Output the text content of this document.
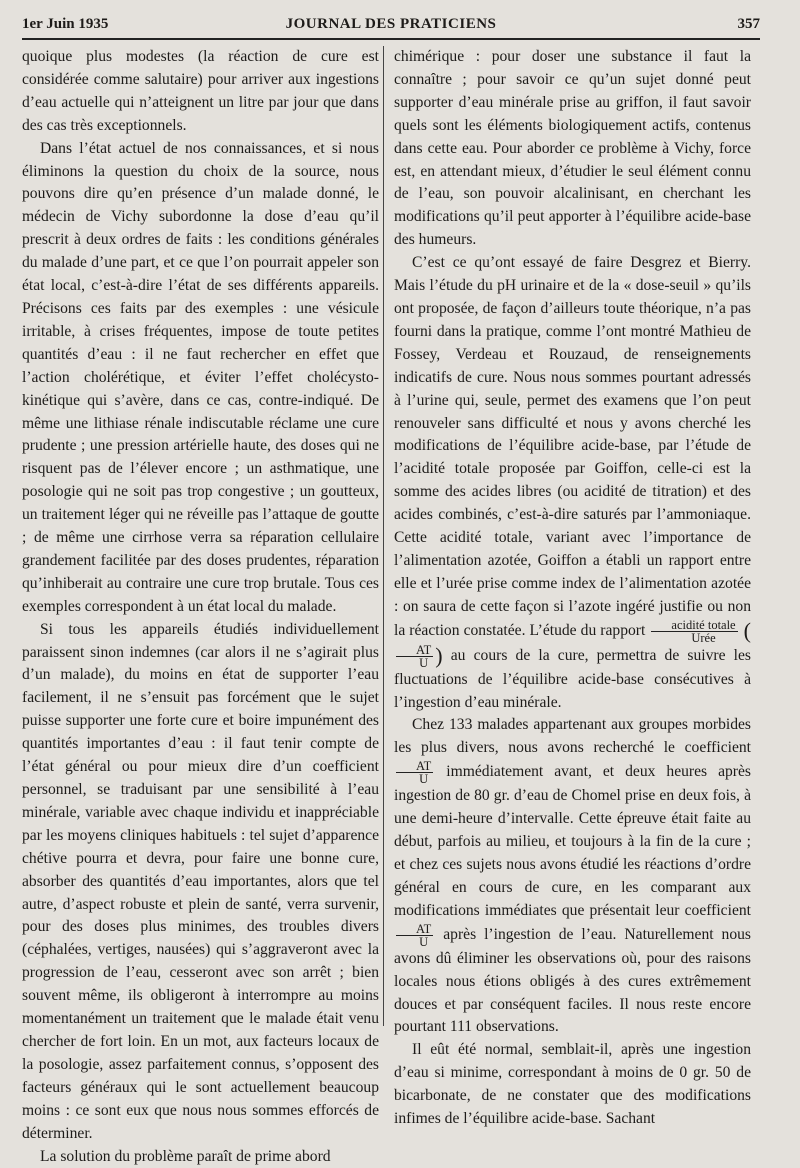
1er Juin 1935	JOURNAL DES PRATICIENS	357

quoique plus modestes (la réaction de cure est considérée comme salutaire) pour arriver aux ingestions d’eau actuelle qui n’atteignent un litre par jour que dans des cas très exceptionnels.

Dans l’état actuel de nos connaissances, et si nous éliminons la question du choix de la source, nous pouvons dire qu’en présence d’un malade donné, le médecin de Vichy subordonne la dose d’eau qu’il prescrit à deux ordres de faits : les conditions générales du malade d’une part, et ce que l’on pourrait appeler son état local, c’est-à-dire l’état de ses différents appareils. Précisons ces faits par des exemples : une vésicule irritable, à crises fréquentes, impose de toute petites quantités d’eau : il ne faut rechercher en effet que l’action cholérétique, et éviter l’effet cholécysto-kinétique qui s’avère, dans ce cas, contre-indiqué. De même une lithiase rénale indiscutable réclame une cure prudente ; une pression artérielle haute, des doses qui ne risquent pas de l’élever encore ; un asthmatique, une posologie qui ne soit pas trop congestive ; un goutteux, un traitement léger qui ne réveille pas l’attaque de goutte ; de même une cirrhose verra sa réparation cellulaire grandement facilitée par des doses prudentes, réparation qu’inhiberait au contraire une cure trop brutale. Tous ces exemples correspondent à un état local du malade.

Si tous les appareils étudiés individuellement paraissent sinon indemnes (car alors il ne s’agirait plus d’un malade), du moins en état de supporter l’eau facilement, il ne s’ensuit pas forcément que le sujet puisse supporter une forte cure et boire impunément des quantités importantes d’eau : il faut tenir compte de l’état général ou pour mieux dire d’un coefficient personnel, se traduisant par une sensibilité à l’eau minérale, variable avec chaque individu et inappréciable par les moyens cliniques habituels : tel sujet d’apparence chétive pourra et devra, pour faire une bonne cure, absorber des quantités d’eau importantes, alors que tel autre, d’aspect robuste et plein de santé, verra survenir, pour des doses plus minimes, des troubles divers (céphalées, vertiges, nausées) qui s’aggraveront avec la progression de l’eau, cesseront avec son arrêt ; bien souvent même, ils obligeront à interrompre au moins momentanément un traitement que le malade était venu chercher de fort loin. En un mot, aux facteurs locaux de la posologie, assez parfaitement connus, s’opposent des facteurs généraux qui le sont actuellement beaucoup moins : ce sont eux que nous nous sommes efforcés de déterminer.

La solution du problème paraît de prime abord

chimérique : pour doser une substance il faut la connaître ; pour savoir ce qu’un sujet donné peut supporter d’eau minérale prise au griffon, il faut savoir quels sont les éléments biologiquement actifs, contenus dans cette eau. Pour aborder ce problème à Vichy, force est, en attendant mieux, d’étudier le seul élément connu de l’eau, son pouvoir alcalinisant, en cherchant les modifications qu’il peut apporter à l’équilibre acide-base des humeurs.

C’est ce qu’ont essayé de faire Desgrez et Bierry. Mais l’étude du pH urinaire et de la « dose-seuil » qu’ils ont proposée, de façon d’ailleurs toute théorique, n’a pas fourni dans la pratique, comme l’ont montré Mathieu de Fossey, Verdeau et Rouzaud, de renseignements indicatifs de cure. Nous nous sommes pourtant adressés à l’urine qui, seule, permet des examens que l’on peut renouveler sans difficulté et nous y avons cherché les modifications de l’équilibre acide-base, par l’étude de l’acidité totale proposée par Goiffon, celle-ci est la somme des acides libres (ou acidité de titration) et des acides combinés, c’est-à-dire saturés par l’ammoniaque. Cette acidité totale, variant avec l’importance de l’alimentation azotée, Goiffon a établi un rapport entre elle et l’urée prise comme index de l’alimentation azotée : on saura de cette façon si l’azote ingéré justifie ou non la réaction constatée. L’étude du rapport $\frac{\text{acidité totale}}{\text{Urée}}$ (
$\frac{AT}{U}$ ) au cours de la cure, permettra de suivre les fluctuations de l’équilibre acide-base consécutives à l’ingestion d’eau minérale.

Chez 133 malades appartenant aux groupes morbides les plus divers, nous avons recherché le coefficient
$\frac{AT}{U}$ immédiatement avant, et deux heures après ingestion de 80 gr. d’eau de Chomel prise en deux fois, à une demi-heure d’intervalle. Cette épreuve était faite au début, parfois au milieu, et toujours à la fin de la cure ; et chez ces sujets nous avons étudié les réactions d’ordre général en cours de cure, en les comparant aux modifications immédiates que présentait leur coefficient
$\frac{AT}{U}$ après l’ingestion de l’eau. Naturellement nous avons dû éliminer les observations où, pour des raisons locales nous étions obligés à des cures extrêmement douces et par conséquent faciles. Il nous reste encore pourtant 111 observations.

Il eût été normal, semblait-il, après une ingestion d’eau si minime, correspondant à moins de 0 gr. 50 de bicarbonate, de ne constater que des modifications infimes de l’équilibre acide-base. Sachant
